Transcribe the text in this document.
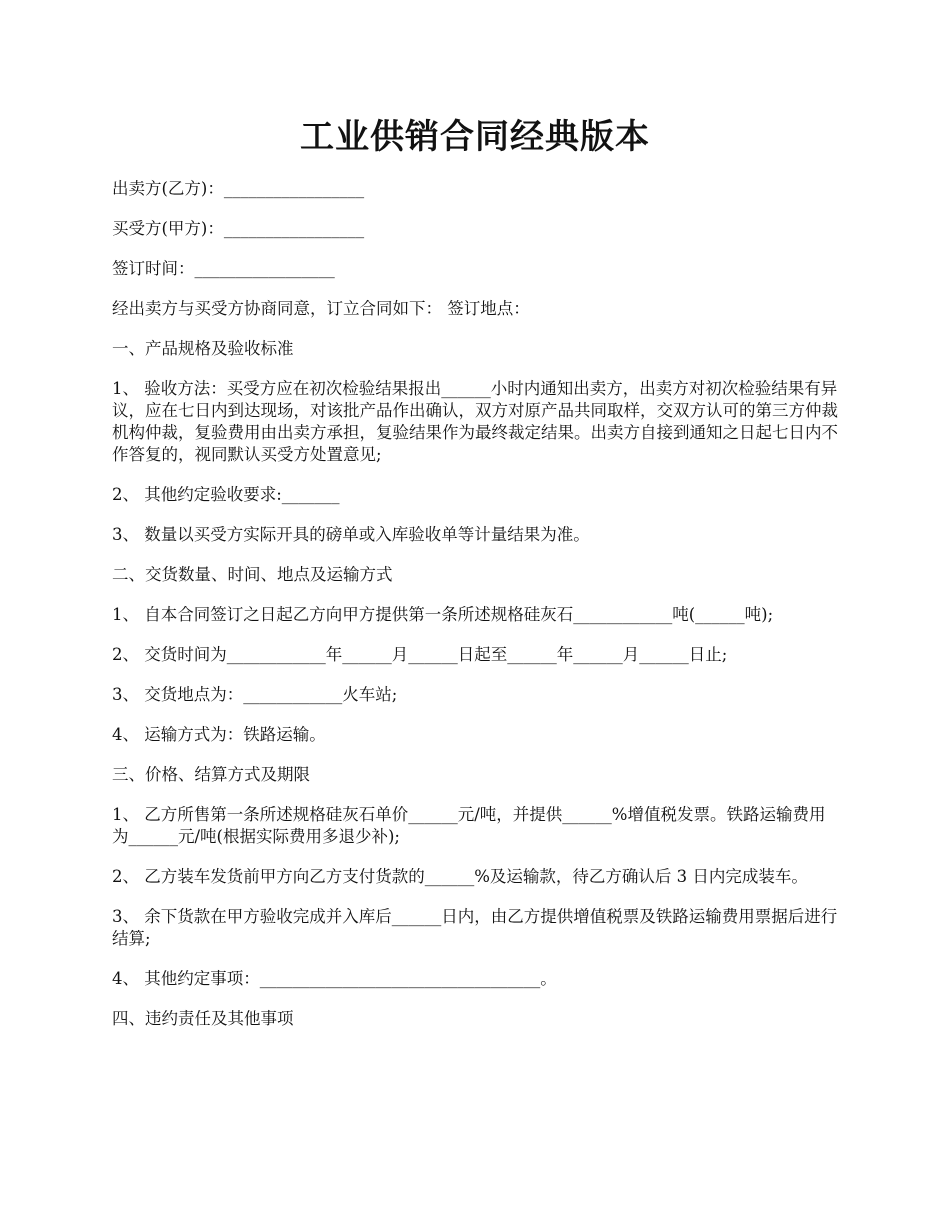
工业供销合同经典版本

出卖方(乙方)：_________________

买受方(甲方)：_________________

签订时间：_________________

经出卖方与买受方协商同意，订立合同如下： 签订地点：

一、产品规格及验收标准

1、 验收方法：买受方应在初次检验结果报出______小时内通知出卖方，出卖方对初次检验结果有异议，应在七日内到达现场，对该批产品作出确认，双方对原产品共同取样，交双方认可的第三方仲裁机构仲裁，复验费用由出卖方承担，复验结果作为最终裁定结果。出卖方自接到通知之日起七日内不作答复的，视同默认买受方处置意见;

2、 其他约定验收要求:_______

3、 数量以买受方实际开具的磅单或入库验收单等计量结果为准。

二、交货数量、时间、地点及运输方式

1、 自本合同签订之日起乙方向甲方提供第一条所述规格硅灰石____________吨(______吨);

2、 交货时间为____________年______月______日起至______年______月______日止;

3、 交货地点为：____________火车站;

4、 运输方式为：铁路运输。

三、价格、结算方式及期限

1、 乙方所售第一条所述规格硅灰石单价______元/吨，并提供______%增值税发票。铁路运输费用为______元/吨(根据实际费用多退少补);

2、 乙方装车发货前甲方向乙方支付货款的______%及运输款，待乙方确认后 3 日内完成装车。

3、 余下货款在甲方验收完成并入库后______日内，由乙方提供增值税票及铁路运输费用票据后进行结算;

4、 其他约定事项：__________________________________。

四、违约责任及其他事项
